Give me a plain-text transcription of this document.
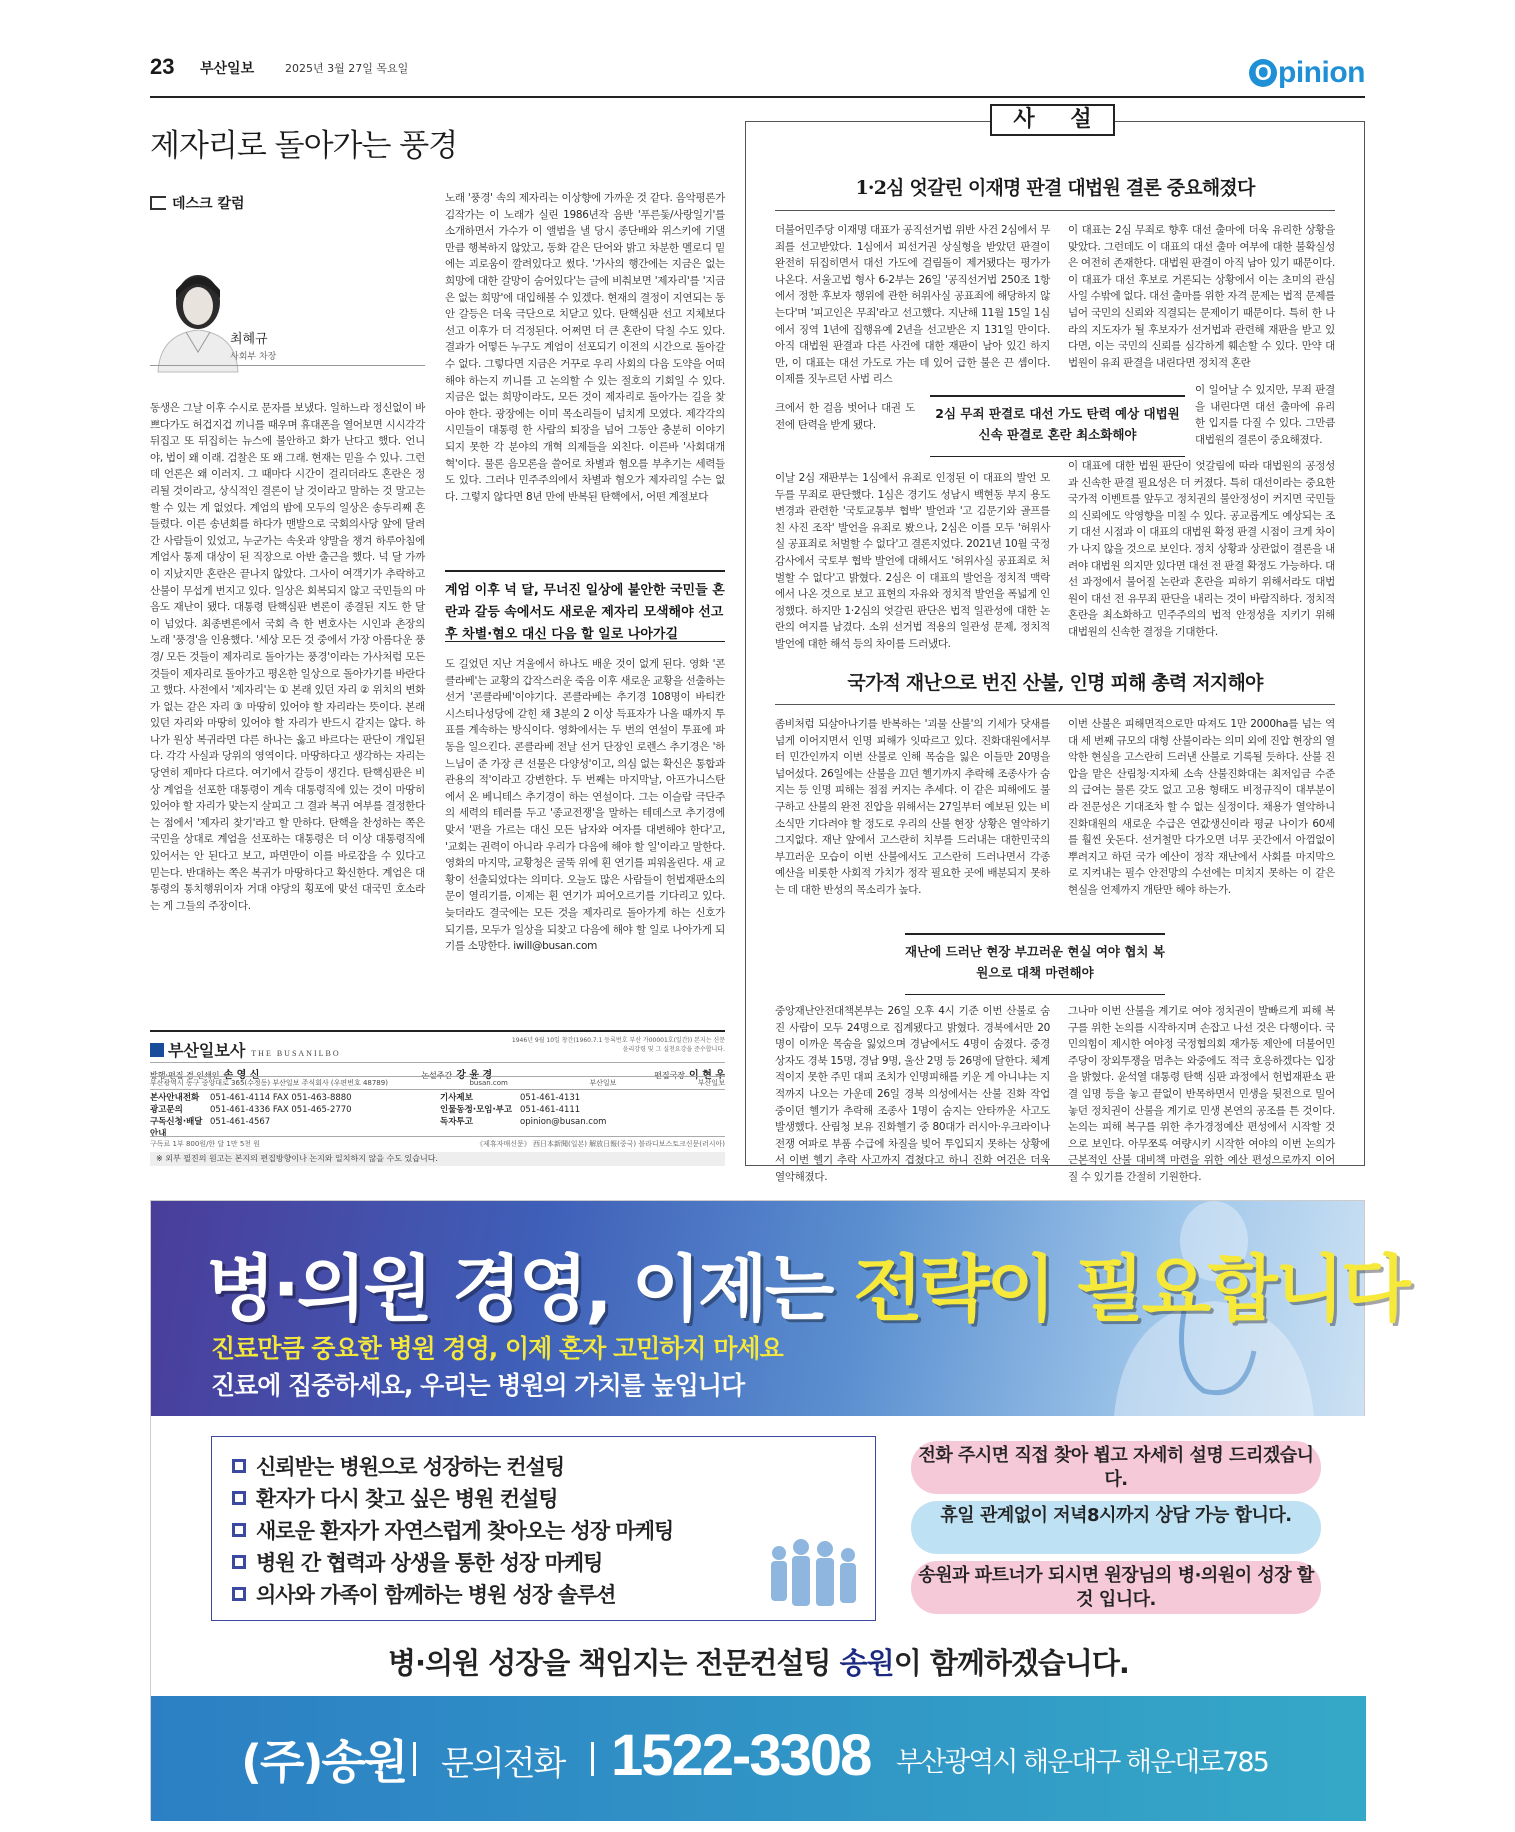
23 부산일보	2025년 3월 27일 목요일	O pinion
제자리로 돌아가는 풍경
데스크 칼럼
최혜규
사회부 차장
동생은 그날 이후 수시로 문자를 보냈다. 일하느라 정신없이 바쁘다가도 허겁지겁 끼니를 때우며 휴대폰을 열어보면 시시각각 뒤집고 또 뒤집히는 뉴스에 불안하고 화가 난다고 했다. 언니야, 법이 왜 이래. 검찰은 또 왜 그래. 현재는 믿을 수 있나. 그런데 언론은 왜 이러지. 그 때마다 시간이 걸리더라도 혼란은 정리될 것이라고, 상식적인 결론이 날 것이라고 말하는 것 말고는 할 수 있는 게 없었다. 계엄의 밤에 모두의 일상은 송두리째 흔들렸다. 이른 송년회를 하다가 맨발으로 국회의사당 앞에 달려간 사람들이 있었고, 누군가는 속옷과 양말을 챙겨 하루아침에 계엄사 통제 대상이 된 직장으로 아반 출근을 했다. 넉 달 가까이 지났지만 혼란은 끝나지 않았다. 그사이 여객기가 추락하고 산불이 무섭게 번지고 있다. 일상은 회복되지 않고 국민들의 마음도 재난이 됐다. 대통령 탄핵심판 변론이 종결된 지도 한 달이 넘었다. 최종변론에서 국회 측 한 변호사는 시인과 촌장의 노래 '풍경'을 인용했다. '세상 모든 것 중에서 가장 아름다운 풍경/ 모든 것들이 제자리로 돌아가는 풍경'이라는 가사처럼 모든 것들이 제자리로 돌아가고 평온한 일상으로 돌아가기를 바란다고 했다. 사전에서 '제자리'는 ① 본래 있던 자리 ② 위치의 변화가 없는 같은 자리 ③ 마땅히 있어야 할 자리라는 뜻이다. 본래 있던 자리와 마땅히 있어야 할 자리가 반드시 같지는 않다. 하나가 원상 복귀라면 다른 하나는 옳고 바르다는 판단이 개입된다. 각각 사실과 당위의 영역이다. 마땅하다고 생각하는 자리는 당연히 제마다 다르다. 여기에서 갈등이 생긴다. 탄핵심판은 비상 계엄을 선포한 대통령이 계속 대통령직에 있는 것이 마땅히 있어야 할 자리가 맞는지 살피고 그 결과 복귀 여부를 결정한다는 점에서 '제자리 찾기'라고 할 만하다. 탄핵을 찬성하는 쪽은 국민을 상대로 계엄을 선포하는 대통령은 더 이상 대통령직에 있어서는 안 된다고 보고, 파면만이 이를 바로잡을 수 있다고 믿는다. 반대하는 쪽은 복귀가 마땅하다고 확신한다. 계엄은 대통령의 통치행위이자 거대 야당의 횡포에 맞선 대국민 호소라는 게 그들의 주장이다.
노래 '풍경' 속의 제자리는 이상향에 가까운 것 같다. 음악평론가 김작가는 이 노래가 실린 1986년작 음반 '푸른돛/사랑일기'를 소개하면서 가수가 이 앨범을 낼 당시 종단배와 위스키에 기댈 만큼 행복하지 않았고, 동화 같은 단어와 밝고 차분한 멜로디 밑에는 괴로움이 깔려있다고 썼다. '가사의 행간에는 지금은 없는 희망에 대한 갈망이 숨어있다'는 글에 비춰보면 '제자리'를 '지금은 없는 희망'에 대입해볼 수 있겠다. 현재의 결정이 지연되는 동안 갈등은 더욱 극단으로 치닫고 있다. 탄핵심판 선고 지체보다 선고 이후가 더 걱정된다. 어쩌면 더 큰 혼란이 닥칠 수도 있다. 결과가 어떻든 누구도 계엄이 선포되기 이전의 시간으로 돌아갈 수 없다. 그렇다면 지금은 거꾸로 우리 사회의 다음 도약을 어떠해야 하는지 끼니를 고 논의할 수 있는 절호의 기회일 수 있다. 지금은 없는 희망이라도, 모든 것이 제자리로 돌아가는 길을 찾아야 한다. 광장에는 이미 목소리들이 넘치게 모였다. 제각각의 시민들이 대통령 한 사람의 퇴장을 넘어 그동안 충분히 이야기되지 못한 각 분야의 개혁 의제들을 외친다. 이른바 '사회대개혁'이다. 물론 음모론을 쓸어로 차별과 혐오를 부추기는 세력들도 있다. 그러나 민주주의에서 차별과 혐오가 제자리일 수는 없다. 그렇지 않다면 8년 만에 반복된 탄핵에서, 어떤 계절보다
계엄 이후 넉 달, 무너진 일상에 불안한 국민들 혼란과 갈등 속에서도 새로운 제자리 모색해야 선고 후 차별·혐오 대신 다음 할 일로 나아가길
도 길었던 지난 겨울에서 하나도 배운 것이 없게 된다. 영화 '콘클라베'는 교황의 갑작스러운 죽음 이후 새로운 교황을 선출하는 선거 '콘클라베'이야기다. 콘클라베는 추기경 108명이 바티칸 시스티나성당에 갇힌 채 3분의 2 이상 득표자가 나올 때까지 투표를 계속하는 방식이다. 영화에서는 두 번의 연설이 투표에 파동을 일으킨다. 콘클라베 전날 선거 단장인 로렌스 추기경은 '하느님이 준 가장 큰 선물은 다양성'이고, 의심 없는 확신은 통합과 관용의 적'이라고 강변한다. 두 번째는 마지막날, 아프가니스탄에서 온 베니테스 추기경이 하는 연설이다. 그는 이슬람 극단주의 세력의 테러를 두고 '종교전쟁'을 말하는 테데스코 추기경에 맞서 '편을 가르는 대신 모든 남자와 여자를 대변해야 한다'고, '교회는 권력이 아니라 우리가 다음에 해야 할 일'이라고 말한다. 영화의 마지막, 교황청은 굴뚝 위에 흰 연기를 피워올린다. 새 교황이 선출되었다는 의미다. 오늘도 많은 사람들이 헌법재판소의 문이 열리기를, 이제는 흰 연기가 피어오르기를 기다리고 있다. 늦더라도 결국에는 모든 것을 제자리로 돌아가게 하는 신호가 되기를, 모두가 일상을 되찾고 다음에 해야 할 일로 나아가게 되기를 소망한다. iwill@busan.com
부산일보사 THE BUSANILBO
1946년 9월 10일 창간(1960.7.1 등록번호 부산 가00001호(일간)) 본지는 신문윤리강령 및 그 실천요강을 준수합니다.
발행·편집 겸 인쇄인 손 영 신	논설주간 강 윤 경	편집국장 이 현 우
부산광역시 동구 중앙대로 365(수정동) 부산일보 주식회사 (우편번호 48789)	busan.com	부산일보	부산일보
본사안내전화	051-461-4114 FAX 051-463-8880	기사제보	051-461-4131
광고문의	051-461-4336 FAX 051-465-2770	인물동정·모임·부고 051-461-4111
구독신청·배달안내
051-461-4567	독자투고	opinion@busan.com
구독료 1부 800원/한 달 1만 5천 원	《제휴자매신문》 西日本新聞(일본) 解放日報(중국) 블라디보스토크신문(러시아)
※ 외부 필진의 원고는 본지의 편집방향이나 논지와 일치하지 않을 수도 있습니다.
사 설
1·2심 엇갈린 이재명 판결 대법원 결론 중요해졌다
더불어민주당 이재명 대표가 공직선거법 위반 사건 2심에서 무죄를 선고받았다. 1심에서 피선거권 상실형을 받았던 판결이 완전히 뒤집히면서 대선 가도에 걸림돌이 제거됐다는 평가가 나온다. 서울고법 형사 6-2부는 26일 '공직선거법 250조 1항에서 정한 후보자 행위에 관한 허위사실 공표죄에 해당하지 않는다'며 '피고인은 무죄'라고 선고했다. 지난해 11월 15일 1심에서 징역 1년에 집행유예 2년을 선고받은 지 131일 만이다. 아직 대법원 판결과 다른 사건에 대한 재판이 남아 있긴 하지만, 이 대표는 대선 가도로 가는 데 있어 급한 불은 끈 셈이다. 이제를 짓누르던 사법 리스
크에서 한 걸음 벗어나 대권 도전에 탄력을 받게 됐다.
이날 2심 재판부는 1심에서 유죄로 인정된 이 대표의 발언 모두를 무죄로 판단했다. 1심은 경기도 성남시 백현동 부지 용도 변경과 관련한 '국토교통부 협박' 발언과 '고 김문기와 골프를 친 사진 조작' 발언을 유죄로 봤으나, 2심은 이를 모두 '허위사실 공표죄로 처벌할 수 없다'고 결론지었다. 2021년 10월 국정감사에서 국토부 협박 발언에 대해서도 '허위사실 공표죄로 처벌할 수 없다'고 밝혔다. 2심은 이 대표의 발언을 정치적 맥락에서 나온 것으로 보고 표현의 자유와 정치적 발언을 폭넓게 인정했다. 하지만 1·2심의 엇갈린 판단은 법적 일관성에 대한 논란의 여지를 남겼다. 소위 선거법 적용의 일관성 문제, 정치적 발언에 대한 해석 등의 차이를 드러냈다.
이 대표는 2심 무죄로 향후 대선 출마에 더욱 유리한 상황을 맞았다. 그런데도 이 대표의 대선 출마 여부에 대한 불확실성은 여전히 존재한다. 대법원 판결이 아직 남아 있기 때문이다. 이 대표가 대선 후보로 거론되는 상황에서 이는 초미의 관심사일 수밖에 없다. 대선 출마를 위한 자격 문제는 법적 문제를 넘어 국민의 신뢰와 직결되는 문제이기 때문이다. 특히 한 나라의 지도자가 될 후보자가 선거법과 관련해 재판을 받고 있다면, 이는 국민의 신뢰를 심각하게 훼손할 수 있다. 만약 대법원이 유죄 판결을 내린다면 정치적 혼란
2심 무죄 판결로 대선 가도 탄력 예상 대법원 신속 판결로 혼란 최소화해야
이 일어날 수 있지만, 무죄 판결을 내린다면 대선 출마에 유리한 입지를 다질 수 있다. 그만큼 대법원의 결론이 중요해졌다.
이 대표에 대한 법원 판단이 엇갈림에 따라 대법원의 공정성과 신속한 판결 필요성은 더 커졌다. 특히 대선이라는 중요한 국가적 이벤트를 앞두고 정치권의 불안정성이 커지면 국민들의 신뢰에도 악영향을 미칠 수 있다. 공교롭게도 예상되는 조기 대선 시점과 이 대표의 대법원 확정 판결 시점이 크게 차이가 나지 않을 것으로 보인다. 정치 상황과 상관없이 결론을 내려야 대법원 의지만 있다면 대선 전 판결 확정도 가능하다. 대선 과정에서 불어질 논란과 혼란을 피하기 위해서라도 대법원이 대선 전 유무죄 판단을 내리는 것이 바람직하다. 정치적 혼란을 최소화하고 민주주의의 법적 안정성을 지키기 위해 대법원의 신속한 결정을 기대한다.
국가적 재난으로 번진 산불, 인명 피해 총력 저지해야
좀비처럼 되살아나기를 반복하는 '괴물 산불'의 기세가 닷새를 넘게 이어지면서 인명 피해가 잇따르고 있다. 진화대원에서부터 민간인까지 이번 산불로 인해 목숨을 잃은 이들만 20명을 넘어섰다. 26일에는 산불을 끄던 헬기까지 추락해 조종사가 숨지는 등 인명 피해는 점점 커지는 추세다. 이 같은 피해에도 불구하고 산불의 완전 진압을 위해서는 27일부터 예보된 있는 비소식만 기다려야 할 정도로 우리의 산불 현장 상황은 열악하기 그지없다. 재난 앞에서 고스란히 치부를 드러내는 대한민국의 부끄러운 모습이 이번 산불에서도 고스란히 드러나면서 각종 예산을 비롯한 사회적 가치가 정작 필요한 곳에 배분되지 못하는 데 대한 반성의 목소리가 높다.
이번 산불은 피해면적으로만 따져도 1만 2000ha를 넘는 역대 세 번째 규모의 대형 산불이라는 의미 외에 진압 현장의 열악한 현실을 고스란히 드러낸 산불로 기록될 듯하다. 산불 진압을 맡은 산림청·지자체 소속 산불진화대는 최저임금 수준의 급여는 물론 갖도 없고 고용 형태도 비정규직이 대부분이라 전문성은 기대조차 할 수 없는 실정이다. 채용가 열악하니 진화대원의 새로운 수급은 연값생신이라 평균 나이가 60세를 훨씬 웃돈다. 선거철만 다가오면 너무 곳간에서 아껌없이 뿌려지고 하던 국가 예산이 정작 재난에서 사회를 마지막으로 지켜내는 필수 안전망의 수선에는 미치지 못하는 이 같은 현실을 언제까지 개탄만 해야 하는가.
재난에 드러난 현장 부끄러운 현실 여야 협치 복원으로 대책 마련해야
중앙재난안전대책본부는 26일 오후 4시 기준 이번 산불로 숨진 사람이 모두 24명으로 집계됐다고 밝혔다. 경북에서만 20명이 이까운 목숨을 잃었으며 경남에서도 4명이 숨졌다. 중경상자도 경북 15명, 경남 9명, 울산 2명 등 26명에 달한다. 체계적이지 못한 주민 대피 조치가 인명피해를 키운 게 아니냐는 지적까지 나오는 가운데 26일 경북 의성에서는 산불 진화 작업 중이던 헬기가 추락해 조종사 1명이 숨지는 안타까운 사고도 발생했다. 산림청 보유 진화헬기 중 80대가 러시아·우크라이나 전쟁 여파로 부품 수급에 차질을 빚어 투입되지 못하는 상황에서 이번 헬기 추락 사고까지 겹쳤다고 하니 진화 여건은 더욱 열악해졌다.
그나마 이번 산불을 계기로 여야 정치권이 발빠르게 피해 복구를 위한 논의를 시작하지며 손잡고 나선 것은 다행이다. 국민의힘이 제시한 여야정 국정협의회 재가동 제안에 더불어민주당이 장외투쟁을 멈추는 와중에도 적극 호응하겠다는 입장을 밝혔다. 윤석열 대통령 탄핵 심판 과정에서 헌법재판소 판결 임명 등을 놓고 끝없이 반목하면서 민생을 뒷전으로 밀어놓던 정치권이 산불을 계기로 민생 본연의 공조를 튼 것이다. 논의는 피해 복구를 위한 추가경정예산 편성에서 시작할 것으로 보인다. 아무쪼록 여량시키 시작한 여야의 이번 논의가 근본적인 산불 대비책 마련을 위한 예산 편성으로까지 이어질 수 있기를 간절히 기원한다.
병·의원 경영, 이제는 전략이 필요합니다
진료만큼 중요한 병원 경영, 이제 혼자 고민하지 마세요
진료에 집중하세요, 우리는 병원의 가치를 높입니다
신뢰받는 병원으로 성장하는 컨설팅
환자가 다시 찾고 싶은 병원 컨설팅
새로운 환자가 자연스럽게 찾아오는 성장 마케팅
병원 간 협력과 상생을 통한 성장 마케팅
의사와 가족이 함께하는 병원 성장 솔루션
전화 주시면 직접 찾아 뵙고 자세히 설명 드리겠습니다.
휴일 관계없이 저녁8시까지 상담 가능 합니다.
송원과 파트너가 되시면 원장님의 병·의원이 성장 할 것 입니다.
병·의원 성장을 책임지는 전문컨설팅 송원이 함께하겠습니다.
(주)송원 문의전화 1522-3308 부산광역시 해운대구 해운대로785
